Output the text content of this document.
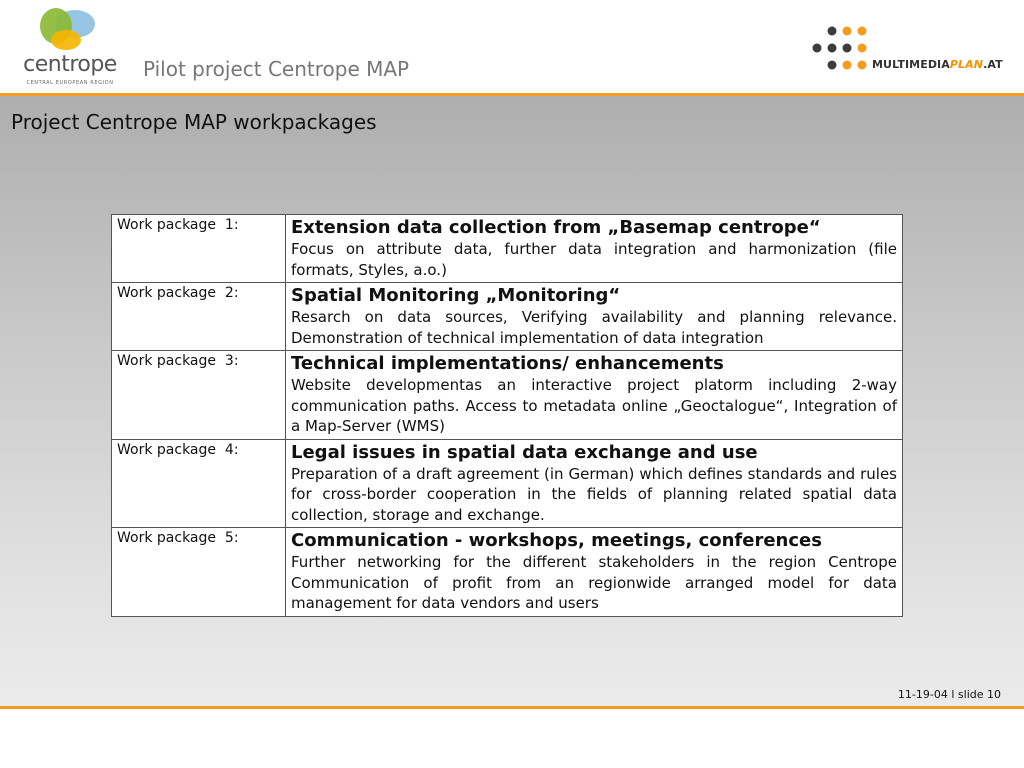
centrope
CENTRAL EUROPEAN REGION
Pilot project Centrope MAP	MULTIMEDIAPLAN.AT
Project Centrope MAP workpackages
Work package  1:	Extension data collection from „Basemap centrope“
Focus on attribute data, further data integration and harmonization (file formats, Styles, a.o.)

Work package  2:	Spatial Monitoring „Monitoring“
Resarch on data sources, Verifying availability and planning relevance. Demonstration of technical implementation of data integration

Work package  3:	Technical implementations/ enhancements
Website developmentas an interactive project platorm including 2-way communication paths. Access to metadata online „Geoctalogue“, Integration of a Map-Server (WMS)

Work package  4:	Legal issues in spatial data exchange and use
Preparation of a draft agreement (in German) which defines standards and rules for cross-border cooperation in the fields of planning related spatial data collection, storage and exchange.

Work package  5:	Communication - workshops, meetings, conferences
Further networking for the different stakeholders in the region Centrope Communication of profit from an regionwide arranged model for data management for data vendors and users
11-19-04 l slide 10
